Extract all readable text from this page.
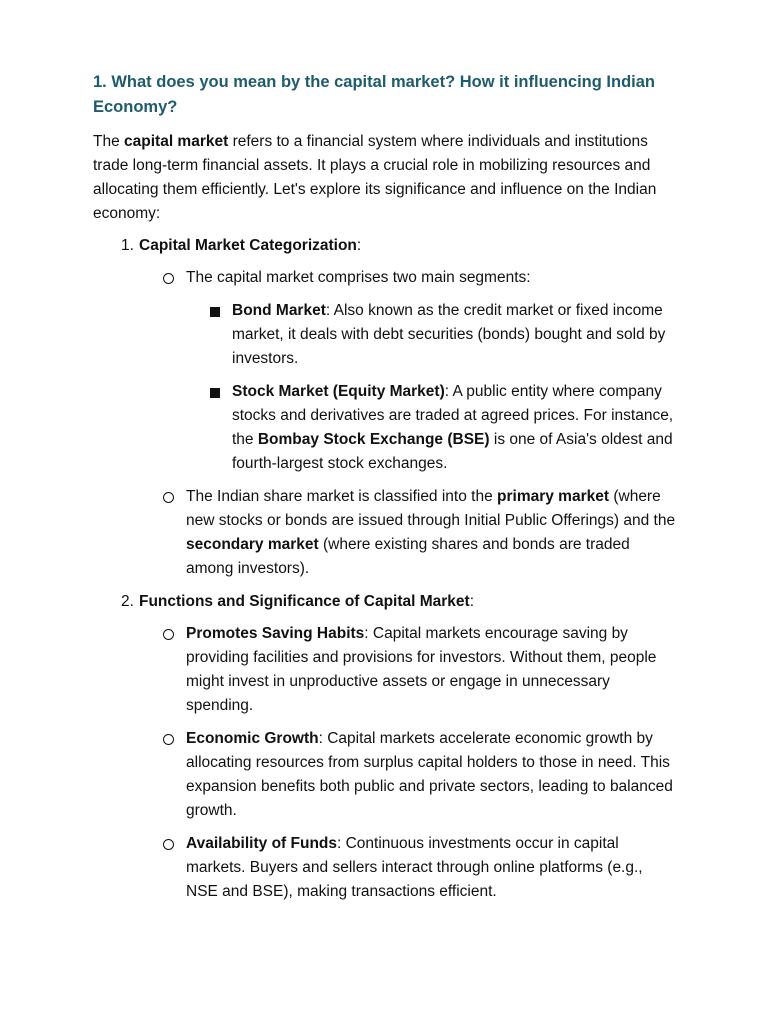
1. What does you mean by the capital market? How it influencing Indian Economy?

The capital market refers to a financial system where individuals and institutions trade long-term financial assets. It plays a crucial role in mobilizing resources and allocating them efficiently. Let's explore its significance and influence on the Indian economy:

1. Capital Market Categorization:
The capital market comprises two main segments:
Bond Market: Also known as the credit market or fixed income market, it deals with debt securities (bonds) bought and sold by investors.
Stock Market (Equity Market): A public entity where company stocks and derivatives are traded at agreed prices. For instance, the Bombay Stock Exchange (BSE) is one of Asia's oldest and fourth-largest stock exchanges.
The Indian share market is classified into the primary market (where new stocks or bonds are issued through Initial Public Offerings) and the secondary market (where existing shares and bonds are traded among investors).
2. Functions and Significance of Capital Market:
Promotes Saving Habits: Capital markets encourage saving by providing facilities and provisions for investors. Without them, people might invest in unproductive assets or engage in unnecessary spending.
Economic Growth: Capital markets accelerate economic growth by allocating resources from surplus capital holders to those in need. This expansion benefits both public and private sectors, leading to balanced growth.
Availability of Funds: Continuous investments occur in capital markets. Buyers and sellers interact through online platforms (e.g., NSE and BSE), making transactions efficient.
